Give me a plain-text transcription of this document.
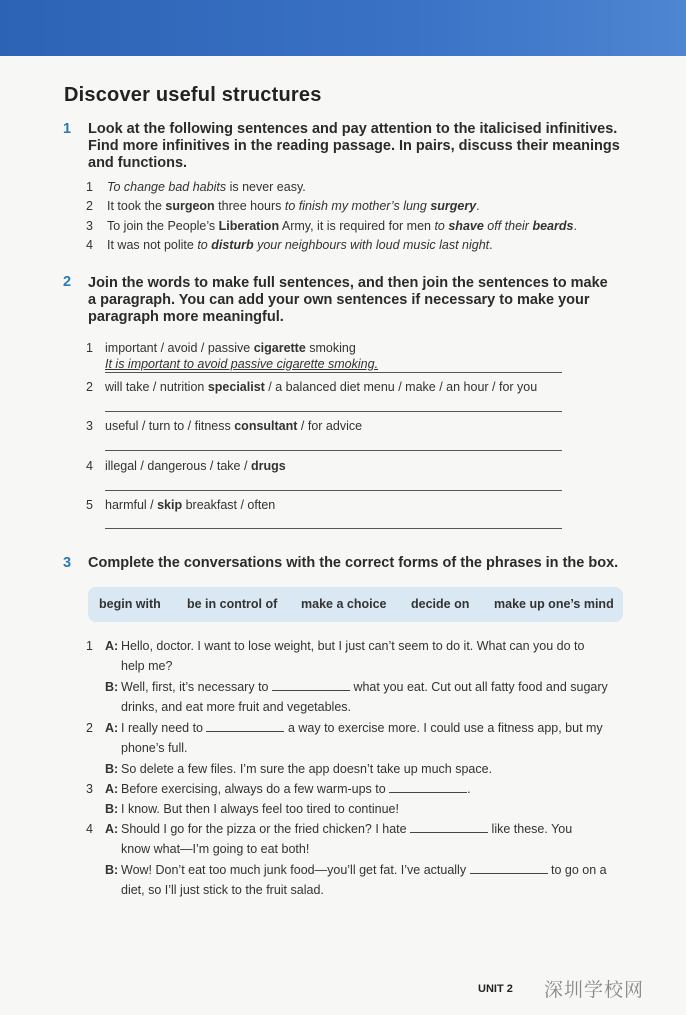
Discover useful structures
1 Look at the following sentences and pay attention to the italicised infinitives.
Find more infinitives in the reading passage. In pairs, discuss their meanings
and functions.
1 To change bad habits is never easy.
2 It took the surgeon three hours to finish my mother’s lung surgery.
3 To join the People’s Liberation Army, it is required for men to shave off their beards.
4 It was not polite to disturb your neighbours with loud music last night.
2 Join the words to make full sentences, and then join the sentences to make
a paragraph. You can add your own sentences if necessary to make your
paragraph more meaningful.
1 important / avoid / passive cigarette smoking
It is important to avoid passive cigarette smoking.
2 will take / nutrition specialist / a balanced diet menu / make / an hour / for you
3 useful / turn to / fitness consultant / for advice
4 illegal / dangerous / take / drugs
5 harmful / skip breakfast / often
3 Complete the conversations with the correct forms of the phrases in the box.
begin with be in control of make a choice decide on make up one’s mind
1 A: Hello, doctor. I want to lose weight, but I just can’t seem to do it. What can you do to
help me?
B: Well, first, it’s necessary to	what you eat. Cut out all fatty food and sugary
drinks, and eat more fruit and vegetables.
2 A: I really need to	a way to exercise more. I could use a fitness app, but my
phone’s full.
B: So delete a few files. I’m sure the app doesn’t take up much space.
3 A: Before exercising, always do a few warm-ups to	.
B: I know. But then I always feel too tired to continue!
4 A: Should I go for the pizza or the fried chicken? I hate	like these. You
know what—I’m going to eat both!
B: Wow! Don’t eat too much junk food—you’ll get fat. I’ve actually	to go on a
diet, so I’ll just stick to the fruit salad.
UNIT 2 深圳学校网
